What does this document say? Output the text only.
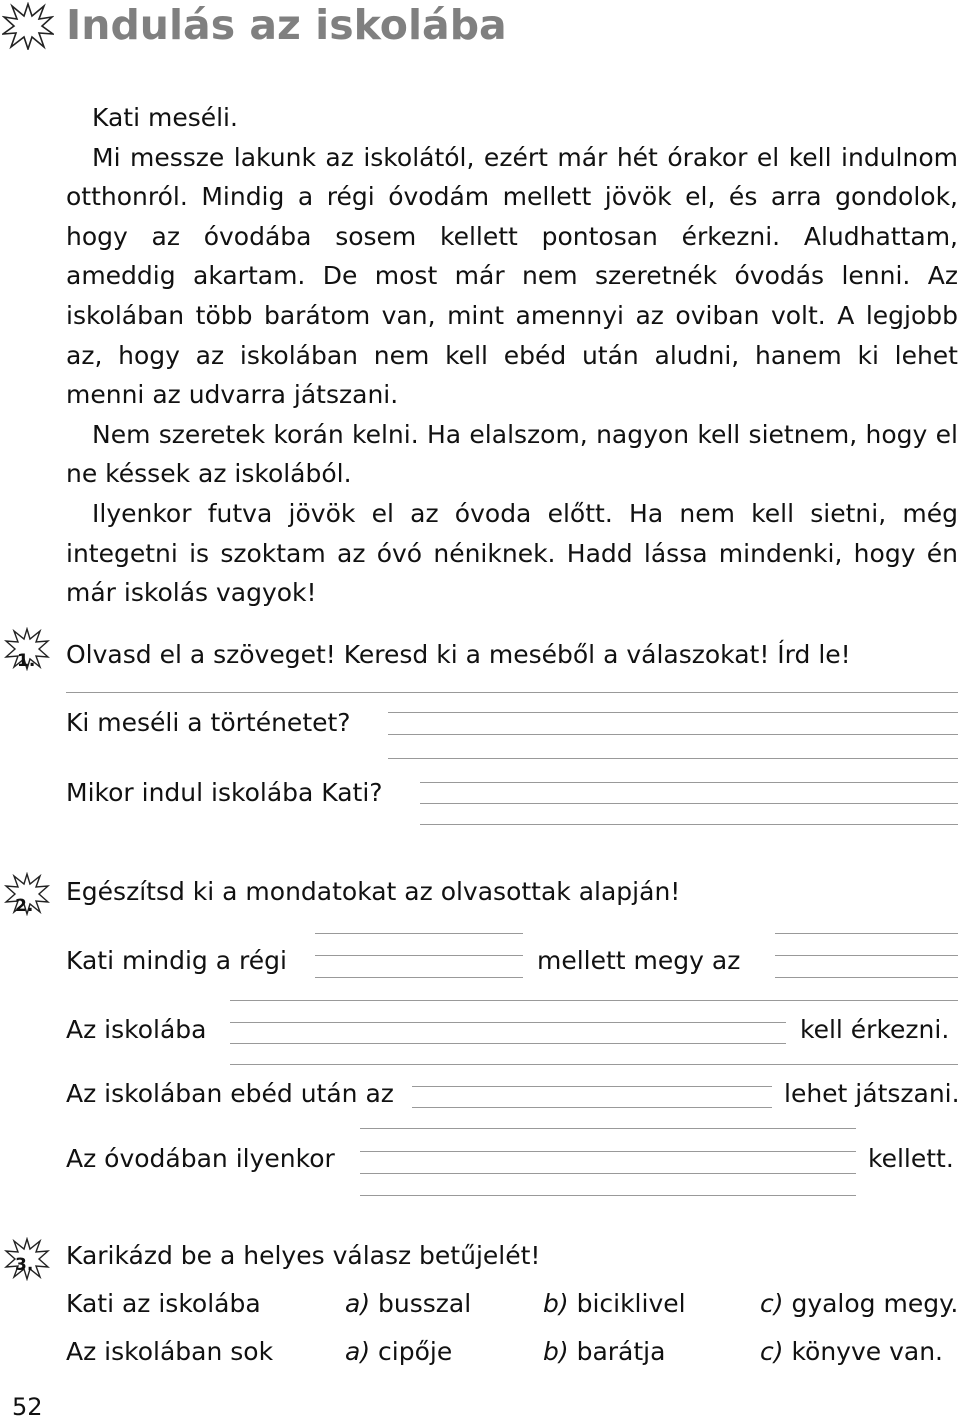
Indulás az iskolába

Kati meséli.

Mi messze lakunk az iskolától, ezért már hét órakor el kell indulnom otthonról. Mindig a régi óvodám mellett jövök el, és arra gondolok, hogy az óvodába sosem kellett pontosan érkezni. Aludhattam, ameddig akartam. De most már nem szeretnék óvodás lenni. Az iskolában több barátom van, mint amennyi az oviban volt. A legjobb az, hogy az iskolában nem kell ebéd után aludni, hanem ki lehet menni az udvarra játszani.

Nem szeretek korán kelni. Ha elalszom, nagyon kell sietnem, hogy el ne késsek az iskolából.

Ilyenkor futva jövök el az óvoda előtt. Ha nem kell sietni, még integetni is szoktam az óvó néniknek. Hadd lássa mindenki, hogy én már iskolás vagyok!

1. Olvasd el a szöveget! Keresd ki a meséből a válaszokat! Írd le!
Ki meséli a történetet?
Mikor indul iskolába Kati?
2. Egészítsd ki a mondatokat az olvasottak alapján!
Kati mindig a régi	mellett megy az
Az iskolába	kell érkezni.
Az iskolában ebéd után az	lehet játszani.
Az óvodában ilyenkor	kellett.
3. Karikázd be a helyes válasz betűjelét!
Kati az iskolába	a) busszal	b) biciklivel	c) gyalog megy.
Az iskolában sok	a) cipője	b) barátja	c) könyve van.
52
